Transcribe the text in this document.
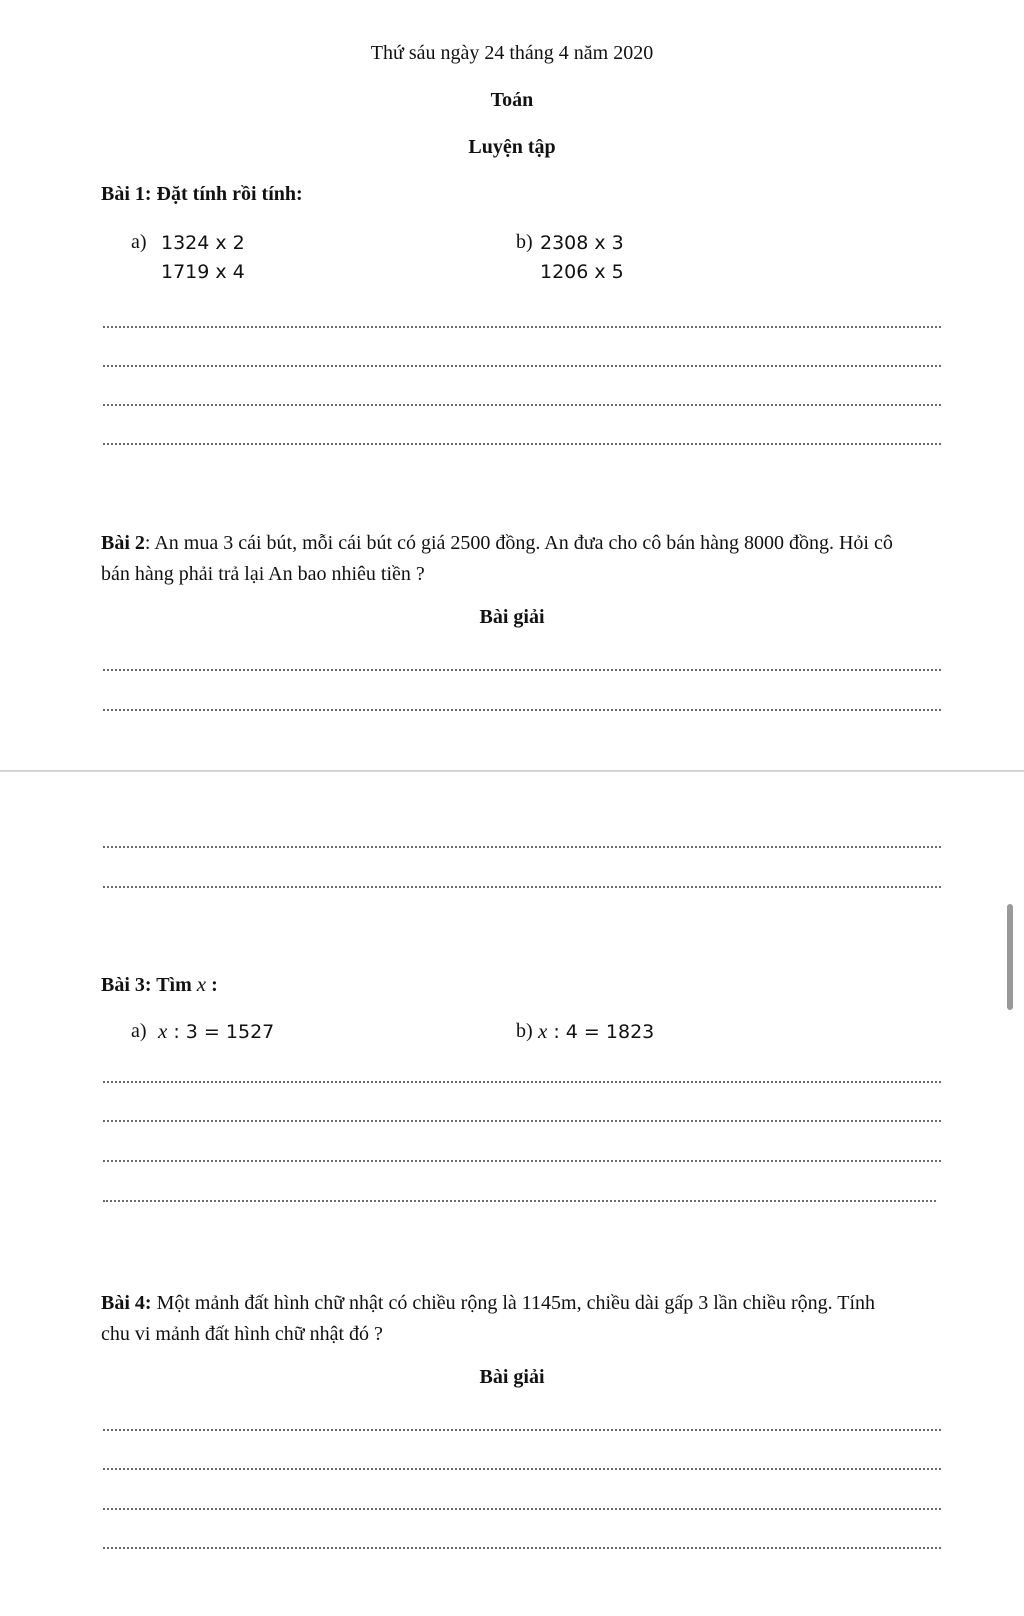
Thứ sáu ngày 24 tháng 4 năm 2020
Toán
Luyện tập
Bài 1: Đặt tính rồi tính:
a) 1324 x 2
1719 x 4
b) 2308 x 3
1206 x 5
Bài 2: An mua 3 cái bút, mỗi cái bút có giá 2500 đồng. An đưa cho cô bán hàng 8000 đồng. Hỏi cô bán hàng phải trả lại An bao nhiêu tiền ?
Bài giải
Bài 3: Tìm x :
a) x : 3 = 1527	b) x : 4 = 1823
Bài 4: Một mảnh đất hình chữ nhật có chiều rộng là 1145m, chiều dài gấp 3 lần chiều rộng. Tính chu vi mảnh đất hình chữ nhật đó ?
Bài giải
